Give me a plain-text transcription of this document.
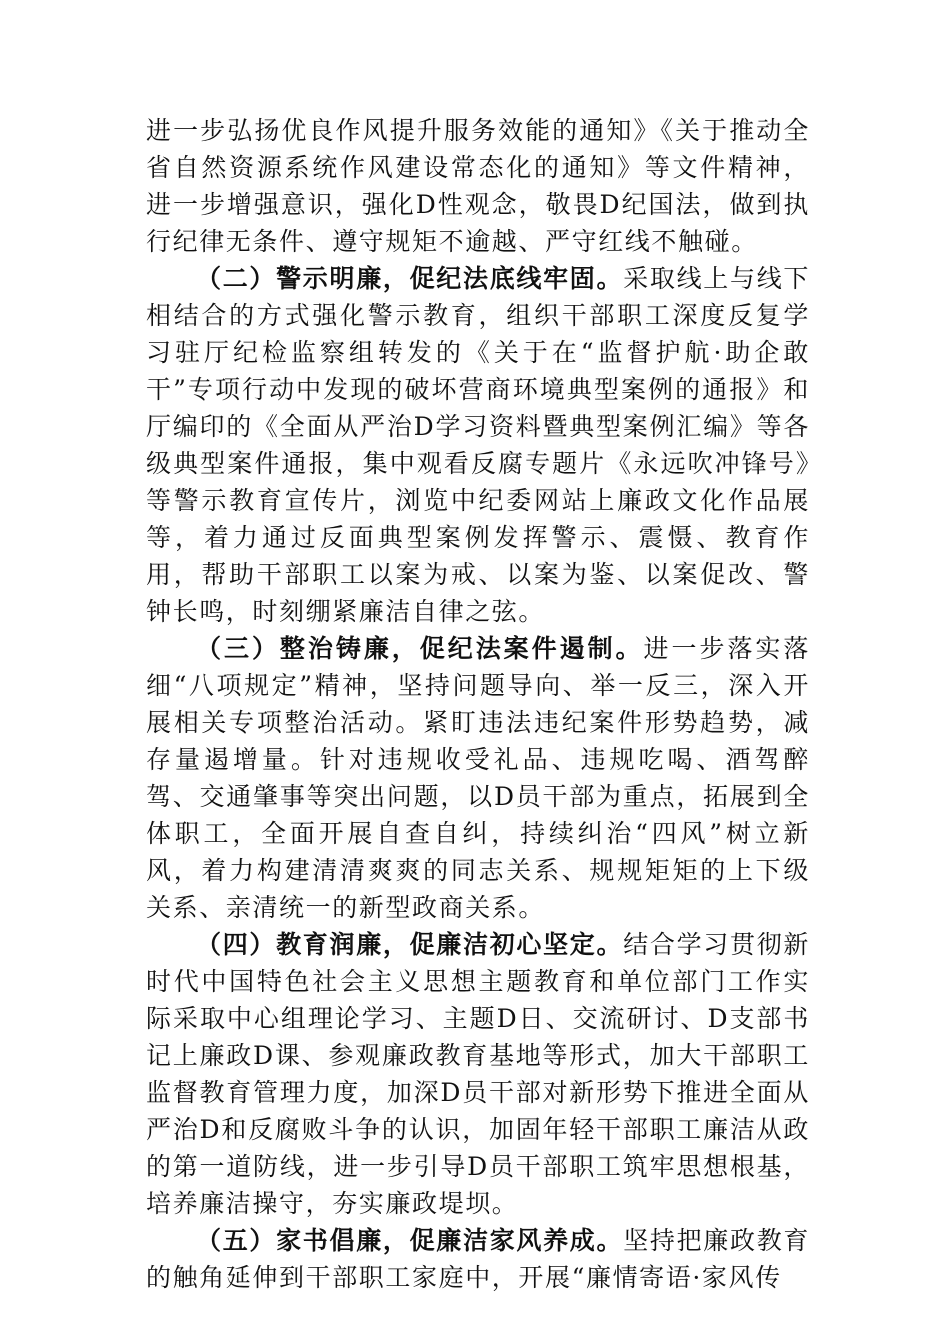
进一步弘扬优良作风提升服务效能的通知》《关于推动全省自然资源系统作风建设常态化的通知》等文件精神，进一步增强意识，强化D性观念，敬畏D纪国法，做到执行纪律无条件、遵守规矩不逾越、严守红线不触碰。

（二）警示明廉，促纪法底线牢固。采取线上与线下相结合的方式强化警示教育，组织干部职工深度反复学习驻厅纪检监察组转发的《关于在“监督护航·助企敢干”专项行动中发现的破坏营商环境典型案例的通报》和厅编印的《全面从严治D学习资料暨典型案例汇编》等各级典型案件通报，集中观看反腐专题片《永远吹冲锋号》等警示教育宣传片，浏览中纪委网站上廉政文化作品展等，着力通过反面典型案例发挥警示、震慑、教育作用，帮助干部职工以案为戒、以案为鉴、以案促改、警钟长鸣，时刻绷紧廉洁自律之弦。

（三）整治铸廉，促纪法案件遏制。进一步落实落细“八项规定”精神，坚持问题导向、举一反三，深入开展相关专项整治活动。紧盯违法违纪案件形势趋势，减存量遏增量。针对违规收受礼品、违规吃喝、酒驾醉驾、交通肇事等突出问题，以D员干部为重点，拓展到全体职工，全面开展自查自纠，持续纠治“四风”树立新风，着力构建清清爽爽的同志关系、规规矩矩的上下级关系、亲清统一的新型政商关系。

（四）教育润廉，促廉洁初心坚定。结合学习贯彻新时代中国特色社会主义思想主题教育和单位部门工作实际采取中心组理论学习、主题D日、交流研讨、D支部书记上廉政D课、参观廉政教育基地等形式，加大干部职工监督教育管理力度，加深D员干部对新形势下推进全面从严治D和反腐败斗争的认识，加固年轻干部职工廉洁从政的第一道防线，进一步引导D员干部职工筑牢思想根基，培养廉洁操守，夯实廉政堤坝。

（五）家书倡廉，促廉洁家风养成。坚持把廉政教育的触角延伸到干部职工家庭中，开展“廉情寄语·家风传
